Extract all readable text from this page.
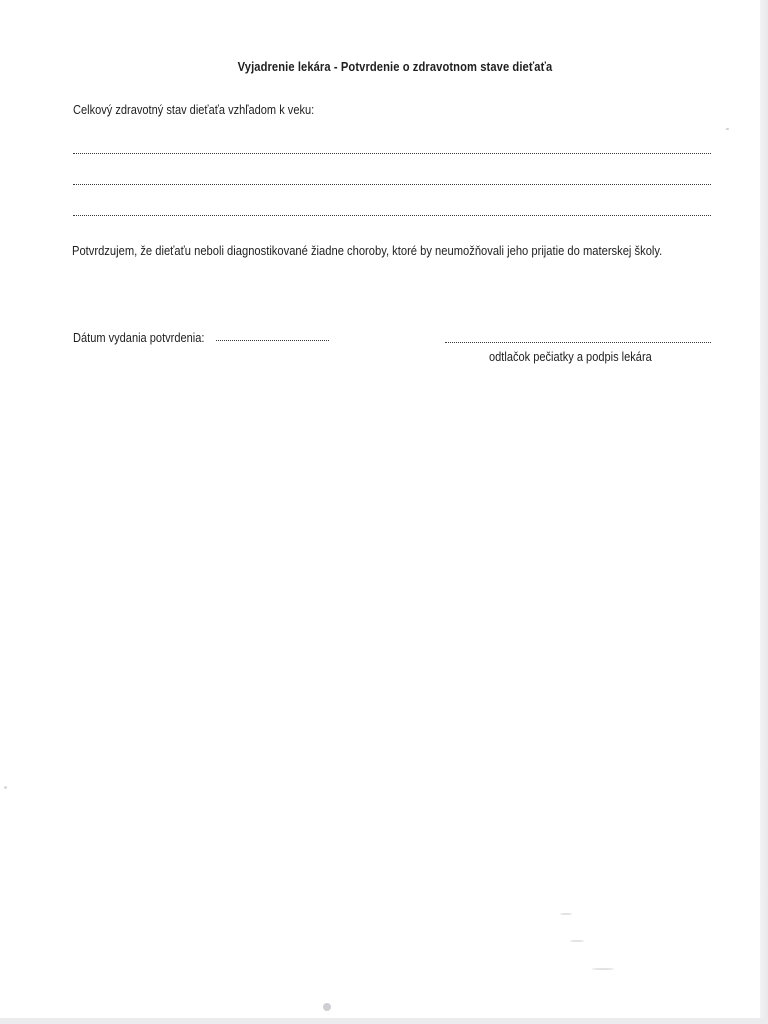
Vyjadrenie lekára - Potvrdenie o zdravotnom stave dieťaťa
Celkový zdravotný stav dieťaťa vzhľadom k veku:
Potvrdzujem, že dieťaťu neboli diagnostikované žiadne choroby, ktoré by neumožňovali jeho prijatie do materskej školy.
Dátum vydania potvrdenia:
odtlačok pečiatky a podpis lekára
